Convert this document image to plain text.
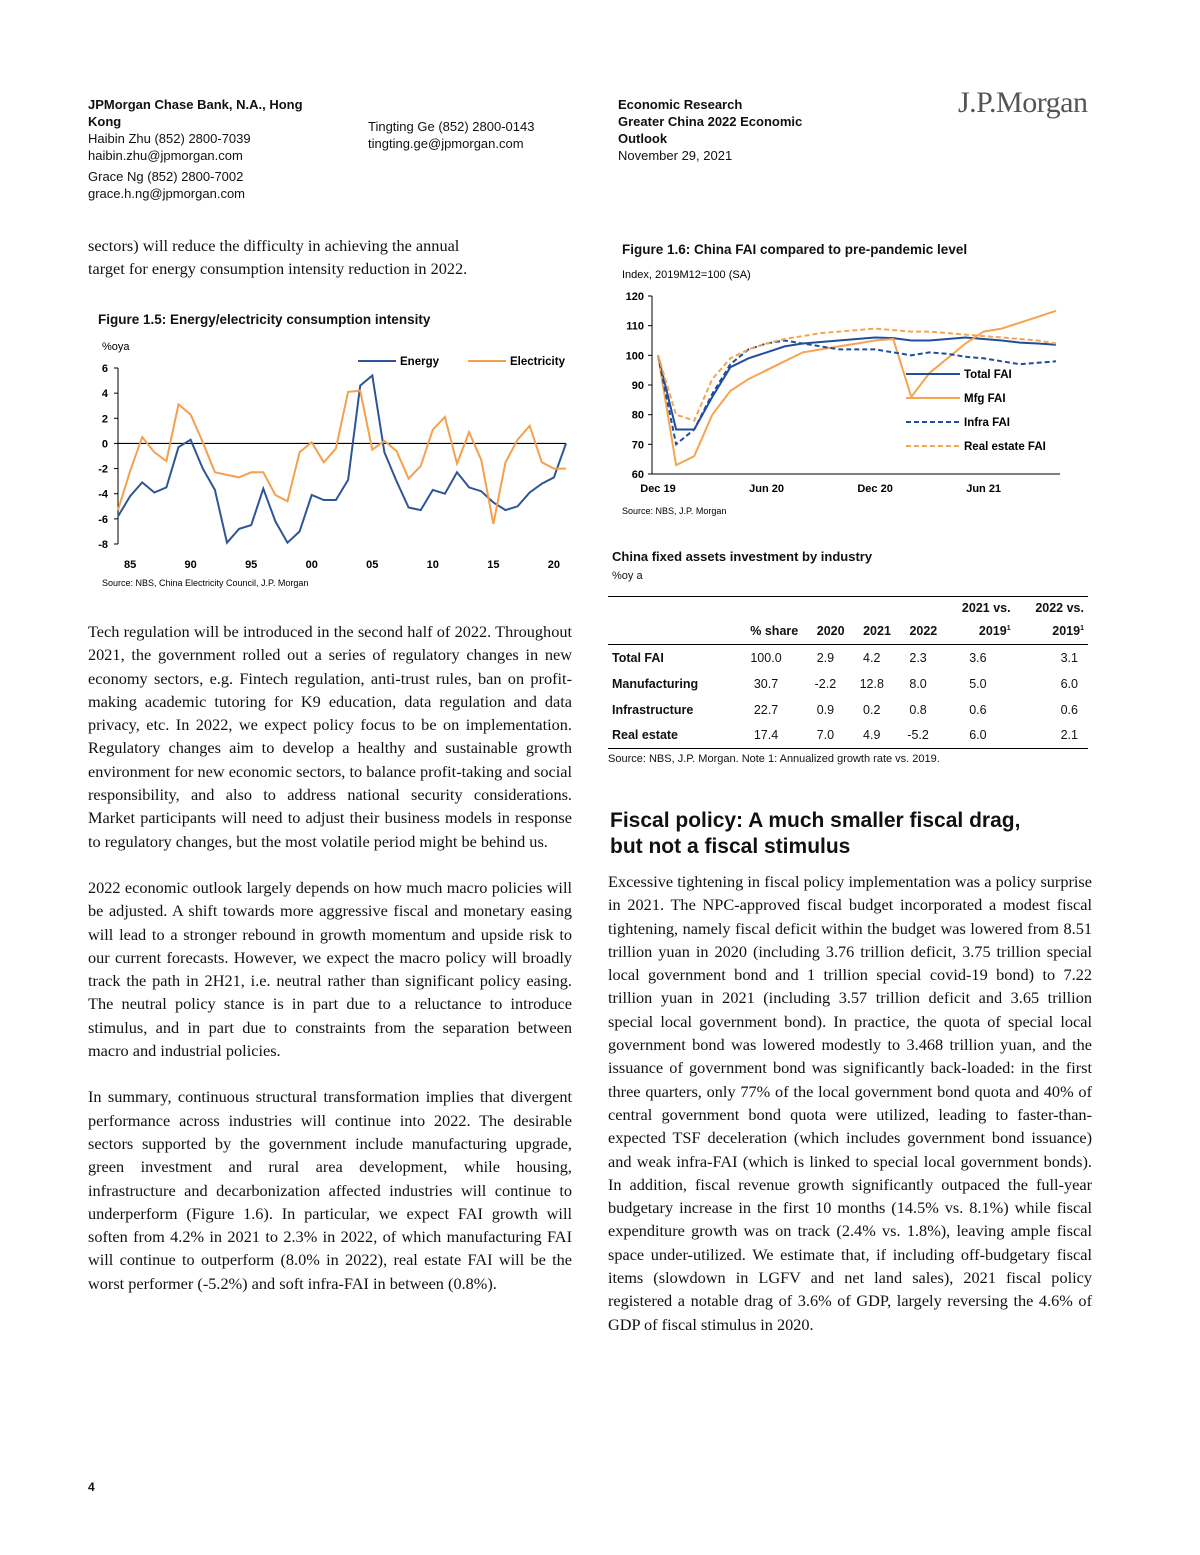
JPMorgan Chase Bank, N.A., Hong
Kong
Haibin Zhu (852) 2800-7039
haibin.zhu@jpmorgan.com
Grace Ng (852) 2800-7002
grace.h.ng@jpmorgan.com
Tingting Ge (852) 2800-0143
tingting.ge@jpmorgan.com
Economic Research
Greater China 2022 Economic
Outlook
November 29, 2021
J.P.Morgan
sectors) will reduce the difficulty in achieving the annual
target for energy consumption intensity reduction in 2022.
Figure 1.5: Energy/electricity consumption intensity
%oya
6
4
2
0
-2
-4
-6
-8
85	90	95	00	05	10	15	20
Energy	Electricity
Source: NBS, China Electricity Council, J.P. Morgan

Tech regulation will be introduced in the second half of 2022. Throughout 2021, the government rolled out a series of regulatory changes in new economy sectors, e.g. Fintech regulation, anti-trust rules, ban on profit-making academic tutoring for K9 education, data regulation and data privacy, etc. In 2022, we expect policy focus to be on implementation. Regulatory changes aim to develop a healthy and sustainable growth environment for new economic sectors, to balance profit-taking and social responsibility, and also to address national security considerations. Market participants will need to adjust their business models in response to regulatory changes, but the most volatile period might be behind us.

2022 economic outlook largely depends on how much macro policies will be adjusted. A shift towards more aggressive fiscal and monetary easing will lead to a stronger rebound in growth momentum and upside risk to our current forecasts. However, we expect the macro policy will broadly track the path in 2H21, i.e. neutral rather than significant policy easing. The neutral policy stance is in part due to a reluctance to introduce stimulus, and in part due to constraints from the separation between macro and industrial policies.

In summary, continuous structural transformation implies that divergent performance across industries will continue into 2022. The desirable sectors supported by the government include manufacturing upgrade, green investment and rural area development, while housing, infrastructure and decarbonization affected industries will continue to underperform (Figure 1.6). In particular, we expect FAI growth will soften from 4.2% in 2021 to 2.3% in 2022, of which manufacturing FAI will continue to outperform (8.0% in 2022), real estate FAI will be the worst performer (-5.2%) and soft infra-FAI in between (0.8%).

Figure 1.6: China FAI compared to pre-pandemic level
Index, 2019M12=100 (SA)
120
110
100
90
80
70
60
Dec 19	Jun 20	Dec 20	Jun 21
Total FAI
Mfg FAI
Infra FAI
Real estate FAI
Source: NBS, J.P. Morgan
China fixed assets investment by industry
%oy a
					2021 vs.	2022 vs.
	% share	2020	2021	2022	2019$^1$	2019$^1$
Total FAI	100.0	2.9	4.2	2.3	3.6	3.1
Manufacturing	30.7	-2.2	12.8	8.0	5.0	6.0
Infrastructure	22.7	0.9	0.2	0.8	0.6	0.6
Real estate	17.4	7.0	4.9	-5.2	6.0	2.1
Source: NBS, J.P. Morgan. Note 1: Annualized growth rate vs. 2019.
Fiscal policy: A much smaller fiscal drag,
but not a fiscal stimulus

Excessive tightening in fiscal policy implementation was a policy surprise in 2021. The NPC-approved fiscal budget incorporated a modest fiscal tightening, namely fiscal deficit within the budget was lowered from 8.51 trillion yuan in 2020 (including 3.76 trillion deficit, 3.75 trillion special local government bond and 1 trillion special covid-19 bond) to 7.22 trillion yuan in 2021 (including 3.57 trillion deficit and 3.65 trillion special local government bond). In practice, the quota of special local government bond was lowered modestly to 3.468 trillion yuan, and the issuance of government bond was significantly back-loaded: in the first three quarters, only 77% of the local government bond quota and 40% of central government bond quota were utilized, leading to faster-than-expected TSF deceleration (which includes government bond issuance) and weak infra-FAI (which is linked to special local government bonds). In addition, fiscal revenue growth significantly outpaced the full-year budgetary increase in the first 10 months (14.5% vs. 8.1%) while fiscal expenditure growth was on track (2.4% vs. 1.8%), leaving ample fiscal space under-utilized. We estimate that, if including off-budgetary fiscal items (slowdown in LGFV and net land sales), 2021 fiscal policy registered a notable drag of 3.6% of GDP, largely reversing the 4.6% of GDP of fiscal stimulus in 2020.

4
